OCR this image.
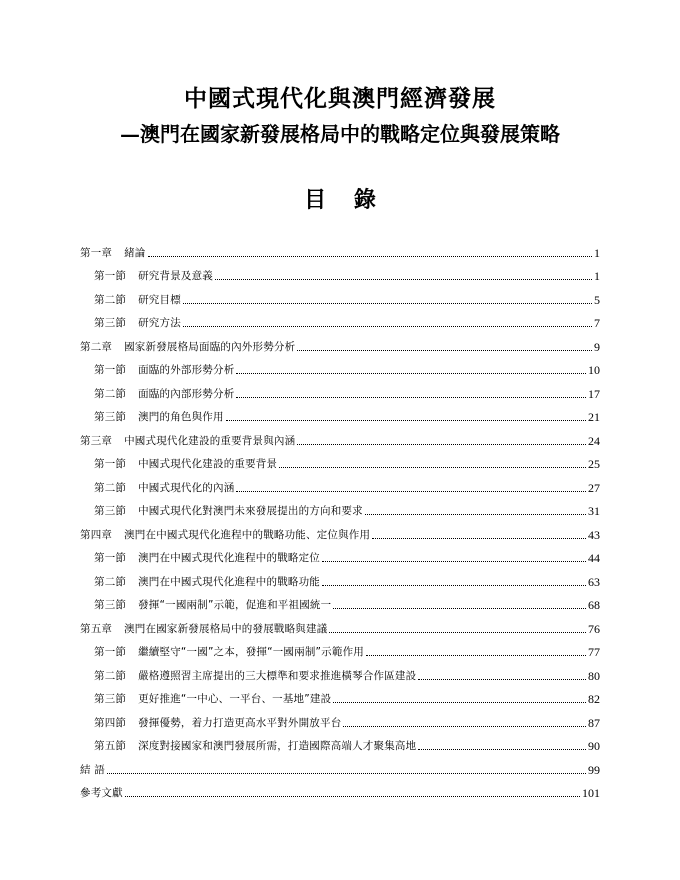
中國式現代化與澳門經濟發展
—澳門在國家新發展格局中的戰略定位與發展策略
目 錄
第一章 緒論	1
第一節 研究背景及意義	1
第二節 研究目標	5
第三節 研究方法	7
第二章 國家新發展格局面臨的內外形勢分析	9
第一節 面臨的外部形勢分析	10
第二節 面臨的內部形勢分析	17
第三節 澳門的角色與作用	21
第三章 中國式現代化建設的重要背景與內涵	24
第一節 中國式現代化建設的重要背景	25
第二節 中國式現代化的內涵	27
第三節 中國式現代化對澳門未來發展提出的方向和要求	31
第四章 澳門在中國式現代化進程中的戰略功能、定位與作用	43
第一節 澳門在中國式現代化進程中的戰略定位	44
第二節 澳門在中國式現代化進程中的戰略功能	63
第三節 發揮“一國兩制”示範，促進和平祖國統一	68
第五章 澳門在國家新發展格局中的發展戰略與建議	76
第一節 繼續堅守“一國”之本，發揮“一國兩制”示範作用	77
第二節 嚴格遵照習主席提出的三大標準和要求推進橫琴合作區建設	80
第三節 更好推進“一中心、一平台、一基地”建設	82
第四節 發揮優勢，着力打造更高水平對外開放平台	87
第五節 深度對接國家和澳門發展所需，打造國際高端人才聚集高地	90
結 語	99
參考文獻	101
